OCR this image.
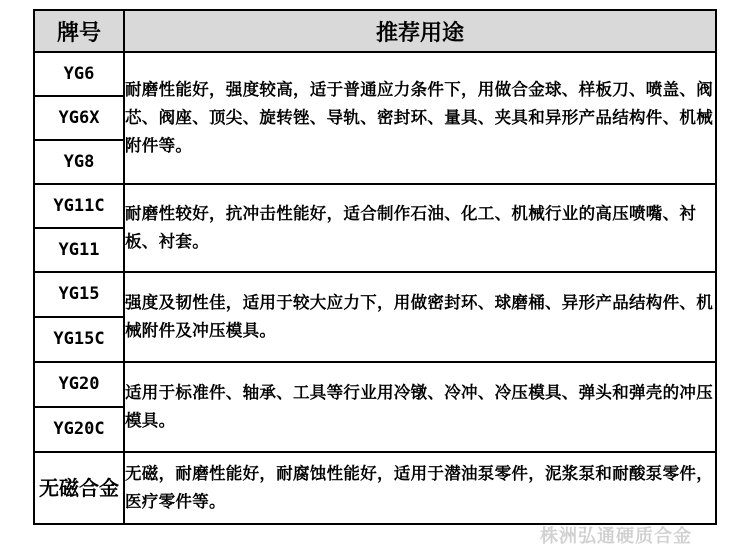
牌号	推荐用途
YG6	耐磨性能好，强度较高，适于普通应力条件下，用做合金球、样板刀、喷盖、阀芯、阀座、顶尖、旋转锉、导轨、密封环、量具、夹具和异形产品结构件、机械附件等。
YG6X	
YG8	
YG11C	耐磨性较好，抗冲击性能好，适合制作石油、化工、机械行业的高压喷嘴、衬板、衬套。
YG11	
YG15	强度及韧性佳，适用于较大应力下，用做密封环、球磨桶、异形产品结构件、机械附件及冲压模具。
YG15C	
YG20	适用于标准件、轴承、工具等行业用冷镦、冷冲、冷压模具、弹头和弹壳的冲压模具。
YG20C	
无磁合金	无磁，耐磨性能好，耐腐蚀性能好，适用于潜油泵零件，泥浆泵和耐酸泵零件，医疗零件等。
株洲弘通硬质合金
